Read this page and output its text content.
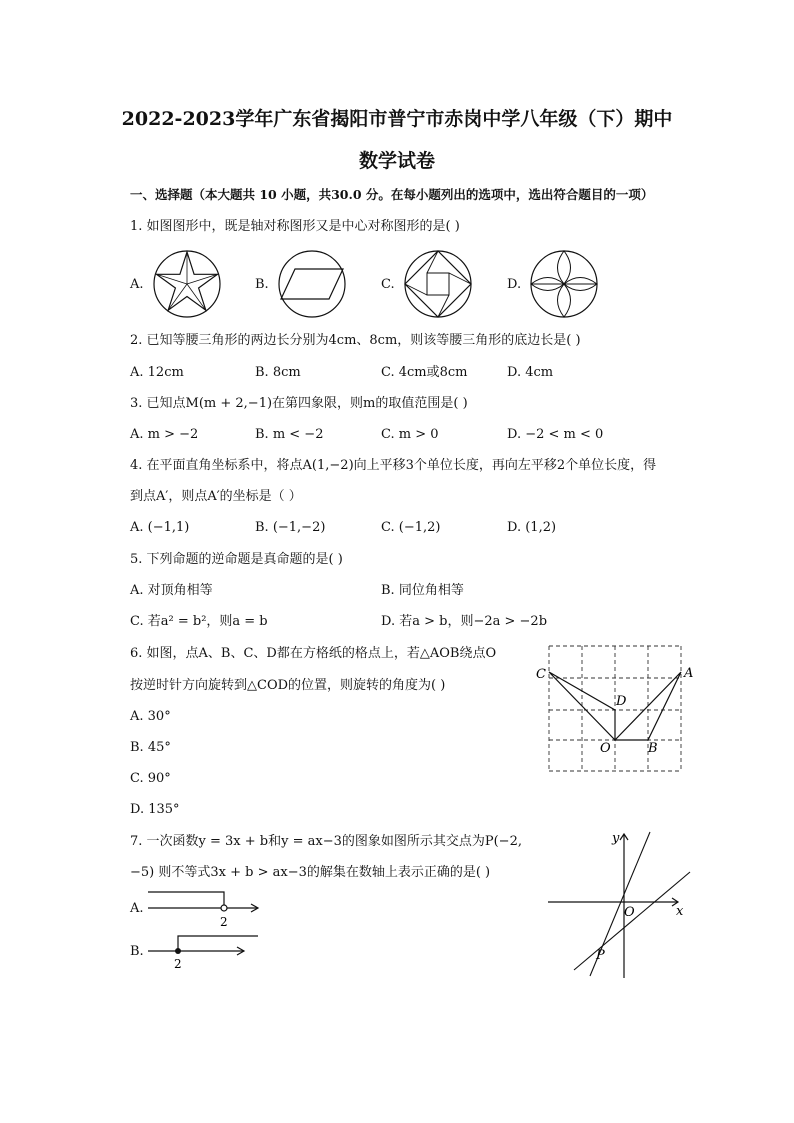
2022-2023学年广东省揭阳市普宁市赤岗中学八年级（下）期中
数学试卷
一、选择题（本大题共 10 小题，共30.0 分。在每小题列出的选项中，选出符合题目的一项）
1. 如图图形中，既是轴对称图形又是中心对称图形的是( )
A.	B.	C.	D.
2. 已知等腰三角形的两边长分别为4cm、8cm，则该等腰三角形的底边长是( )
A. 12cm	B. 8cm	C. 4cm或8cm	D. 4cm
3. 已知点M(m + 2,−1)在第四象限，则m的取值范围是( )
A. m > −2	B. m < −2	C. m > 0	D. −2 < m < 0
4. 在平面直角坐标系中，将点A(1,−2)向上平移3个单位长度，再向左平移2个单位长度，得
到点A′，则点A′的坐标是（ ）
A. (−1,1)	B. (−1,−2)	C. (−1,2)	D. (1,2)
5. 下列命题的逆命题是真命题的是( )
A. 对顶角相等	B. 同位角相等
C. 若a² = b²，则a = b	D. 若a > b，则−2a > −2b
6. 如图，点A、B、C、D都在方格纸的格点上，若△AOB绕点O
按逆时针方向旋转到△COD的位置，则旋转的角度为( )
A. 30°
B. 45°
C. 90°
D. 135°
C	A
D
O	B
7. 一次函数y = 3x + b和y = ax−3的图象如图所示其交点为P(−2,
−5) 则不等式3x + b > ax−3的解集在数轴上表示正确的是( )
A.
2
B.
2
y
x
O
P
